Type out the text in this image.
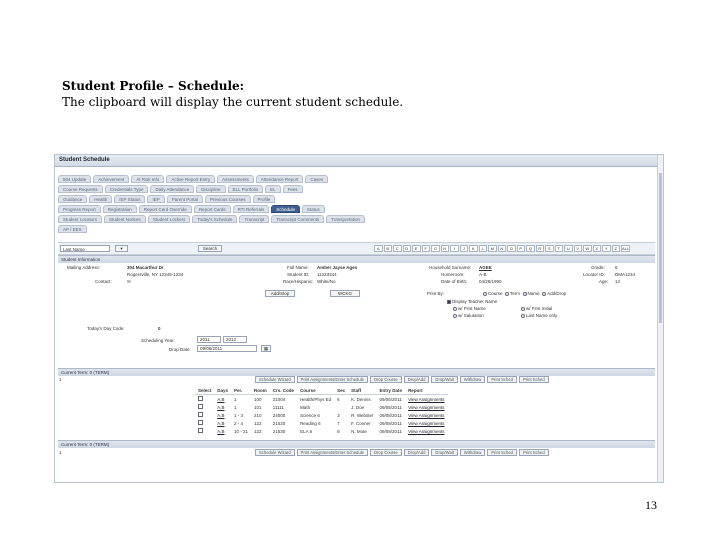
Student Profile – Schedule:
The clipboard will display the current student schedule.
Student Schedule
504 Update	Achievement	At Risk Info	Active Report Entry	Assessments	Attendance Report	Cases
Course Requests	Credentials Type	Daily Attendance	Discipline	ELL Portfolio	EL	Fees
Guidance	Health	IEP Status	IEP	Parent Portal	Previous Courses	Profile
Progress Report	Registration	Report Card Override	Report Cards	RTI Referrals	Schedule	Status
Student Locators	Student Notices	Student Lockers	Today's Schedule	Transcript	Transcript Comments	Transportation
AP / EES
Last Name	▾	Search	A	B	C	D	E	F	G	H	I	J	K	L	M	N	O	P	Q	R	S	T	U	V	W	X	Y	Z	ALL
Student Information
Mailing Address:	304 Macarthur Dr
Rogersville, NY 12345-1234
Contact:	✉
Full Name: Amber Jayse Ages
Student ID: 11223344
Race/Hispanic: White/No
Household Surname: AGEE
Homeroom:	A-B
Date of Birth:	04/28/1990
Grade: 6
Locator ID: DMA1234
Age: 12
Add/Stop	WCKG	Print By:	Course Term Name Add/Drop
Display Teacher Name
w/ First Name	w/ First Initial
w/ Salutation	Last Name only
Today's Day Code:	0
Scheduling Year:	2011	2012
Drop Date:	09/06/2011	▦
Current Term: 0 (TERM)
1	Schedule Wizard	Print Assignments/Enter Schedule	Drop Course	Drop/Add	Drop/Wait	Withdraw	Print Sched	Print Sched
Select	Days	Per.	Room	Crs. Code	Course	Sec	Staff	Entry Date	Report
	A,B	1	100	21004	Health/Phys Ed	6	K. Dennis	09/06/2011	View Assignments
	A,B	1	101	11111	Math		J. Doe	09/06/2011	View Assignments
	A,B	1 - 3	210	24000	Science 6	3	R. Webster	09/08/2011	View Assignments
	A,B	2 - 4	122	21520	Reading 6	7	F. Conner	09/08/2011	View Assignments
	A,B	10 - 21	122	21530	ELA 6	8	N. Mote	09/08/2011	View Assignments
Current Term: 0 (TERM)
1	Schedule Wizard	Print Assignments/Enter Schedule	Drop Course	Drop/Add	Drop/Wait	Withdraw	Print Sched	Print Sched
13
